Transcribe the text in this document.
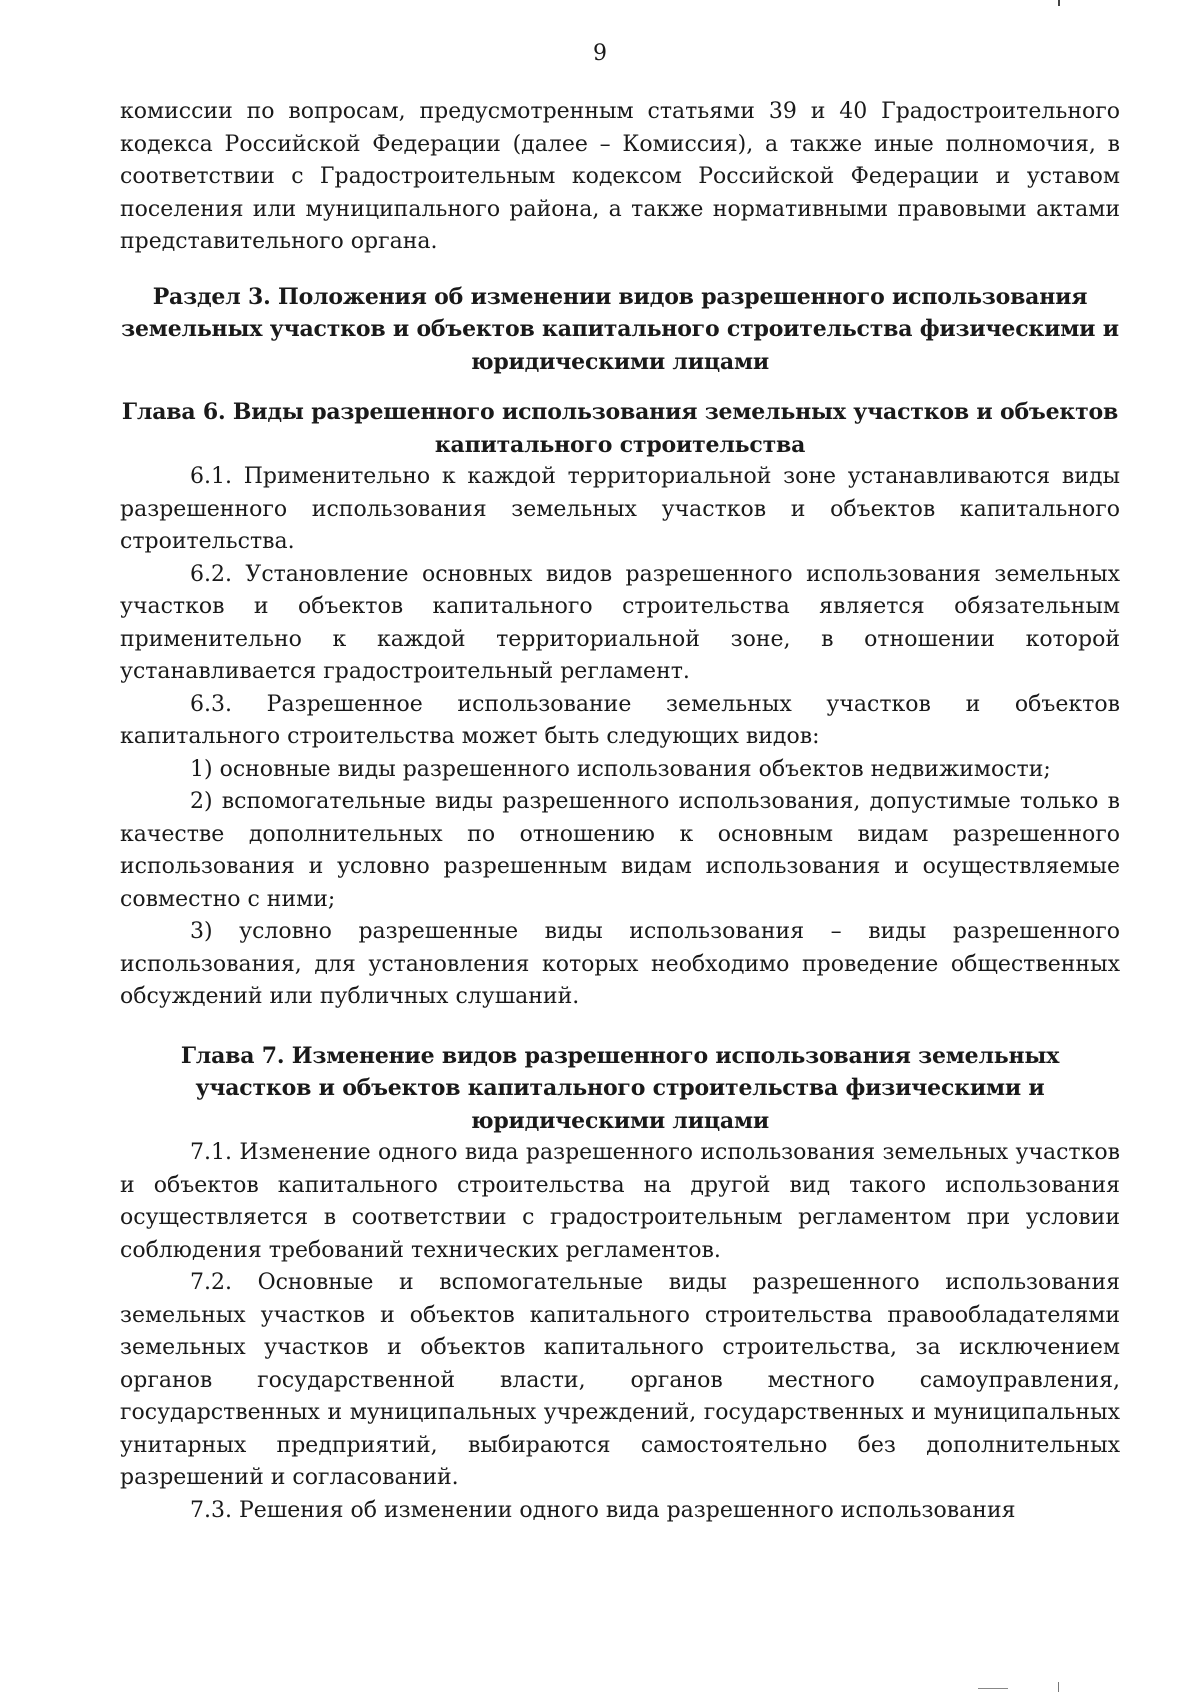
9

комиссии по вопросам, предусмотренным статьями 39 и 40 Градостроительного кодекса Российской Федерации (далее – Комиссия), а также иные полномочия, в соответствии с Градостроительным кодексом Российской Федерации и уставом поселения или муниципального района, а также нормативными правовыми актами представительного органа.

Раздел 3. Положения об изменении видов разрешенного использования земельных участков и объектов капитального строительства физическими и юридическими лицами

Глава 6. Виды разрешенного использования земельных участков и объектов капитального строительства

6.1. Применительно к каждой территориальной зоне устанавливаются виды разрешенного использования земельных участков и объектов капитального строительства.

6.2. Установление основных видов разрешенного использования земельных участков и объектов капитального строительства является обязательным применительно к каждой территориальной зоне, в отношении которой устанавливается градостроительный регламент.

6.3. Разрешенное использование земельных участков и объектов капитального строительства может быть следующих видов:

1) основные виды разрешенного использования объектов недвижимости;

2) вспомогательные виды разрешенного использования, допустимые только в качестве дополнительных по отношению к основным видам разрешенного использования и условно разрешенным видам использования и осуществляемые совместно с ними;

3) условно разрешенные виды использования – виды разрешенного использования, для установления которых необходимо проведение общественных обсуждений или публичных слушаний.

Глава 7. Изменение видов разрешенного использования земельных участков и объектов капитального строительства физическими и юридическими лицами

7.1. Изменение одного вида разрешенного использования земельных участков и объектов капитального строительства на другой вид такого использования осуществляется в соответствии с градостроительным регламентом при условии соблюдения требований технических регламентов.

7.2. Основные и вспомогательные виды разрешенного использования земельных участков и объектов капитального строительства правообладателями земельных участков и объектов капитального строительства, за исключением органов государственной власти, органов местного самоуправления, государственных и муниципальных учреждений, государственных и муниципальных унитарных предприятий, выбираются самостоятельно без дополнительных разрешений и согласований.

7.3. Решения об изменении одного вида разрешенного использования
